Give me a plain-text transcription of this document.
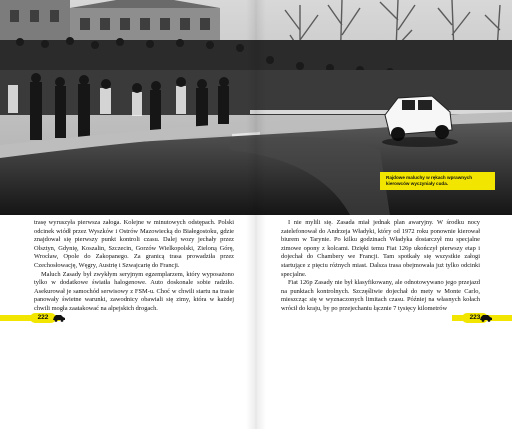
Rajdowe maluchy w rękach wprawnych kierowców wyczyniały cuda.

trasę wyruszyła pierwsza załoga. Kolejne w minutowych odstępach. Polski odcinek wiódł przez Wyszków i Ostrów Mazowiecką do Białegostoku, gdzie znajdował się pierwszy punkt kontroli czasu. Dalej wozy jechały przez Olsztyn, Gdynię, Koszalin, Szczecin, Gorzów Wielkopolski, Zieloną Górę, Wrocław, Opole do Zakopanego. Za granicą trasa prowadziła przez Czechosłowację, Węgry, Austrię i Szwajcarię do Francji.

Maluch Zasady był zwykłym seryjnym egzemplarzem, który wyposażono tylko w dodatkowe światła halogenowe. Auto doskonale sobie radziło. Asekurował je samochód serwisowy z FSM-u. Choć w chwili startu na trasie panowały świetne warunki, zawodnicy obawiali się zimy, która w każdej chwili mogła zaatakować na alpejskich drogach.

I nie mylili się. Zasada miał jednak plan awaryjny. W środku nocy zatelefonował do Andrzeja Władyki, który od 1972 roku ponownie kierował biurem w Tarynie. Po kilku godzinach Władyka dostarczył mu specjalne zimowe opony z kolcami. Dzięki temu Fiat 126p ukończył pierwszy etap i dojechał do Chambery we Francji. Tam spotkały się wszystkie załogi startujące z pięciu różnych miast. Dalsza trasa obejmowała już tylko odcinki specjalne.

Fiat 126p Zasady nie był klasyfikowany, ale odnotowywano jego przejazd na punktach kontrolnych. Szczęśliwie dojechał do mety w Monte Carlo, mieszcząc się w wyznaczonych limitach czasu. Później na własnych kołach wrócił do kraju, by po przejechaniu łącznie 7 tysięcy kilometrów

222	223
